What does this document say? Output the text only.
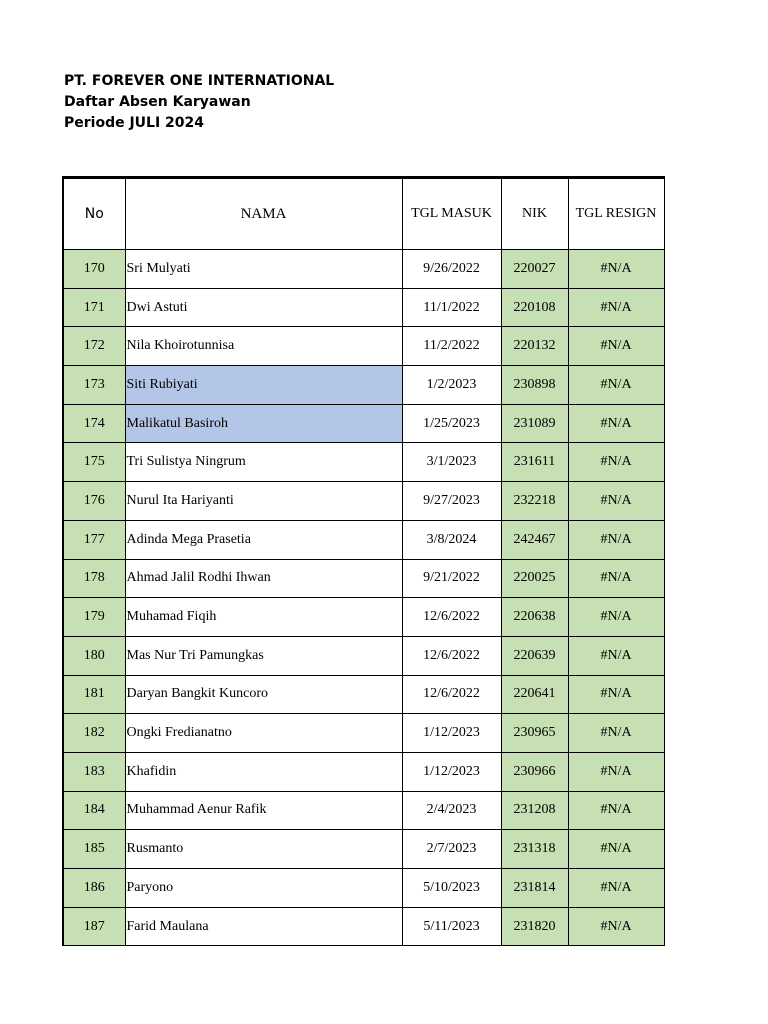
PT. FOREVER ONE INTERNATIONAL
Daftar Absen Karyawan
Periode JULI 2024
No	NAMA	TGL MASUK	NIK	TGL RESIGN
170	Sri Mulyati	9/26/2022	220027	#N/A
171	Dwi Astuti	11/1/2022	220108	#N/A
172	Nila Khoirotunnisa	11/2/2022	220132	#N/A
173	Siti Rubiyati	1/2/2023	230898	#N/A
174	Malikatul Basiroh	1/25/2023	231089	#N/A
175	Tri Sulistya Ningrum	3/1/2023	231611	#N/A
176	Nurul Ita Hariyanti	9/27/2023	232218	#N/A
177	Adinda Mega Prasetia	3/8/2024	242467	#N/A
178	Ahmad Jalil Rodhi Ihwan	9/21/2022	220025	#N/A
179	Muhamad Fiqih	12/6/2022	220638	#N/A
180	Mas Nur Tri Pamungkas	12/6/2022	220639	#N/A
181	Daryan Bangkit Kuncoro	12/6/2022	220641	#N/A
182	Ongki Fredianatno	1/12/2023	230965	#N/A
183	Khafidin	1/12/2023	230966	#N/A
184	Muhammad Aenur Rafik	2/4/2023	231208	#N/A
185	Rusmanto	2/7/2023	231318	#N/A
186	Paryono	5/10/2023	231814	#N/A
187	Farid Maulana	5/11/2023	231820	#N/A
